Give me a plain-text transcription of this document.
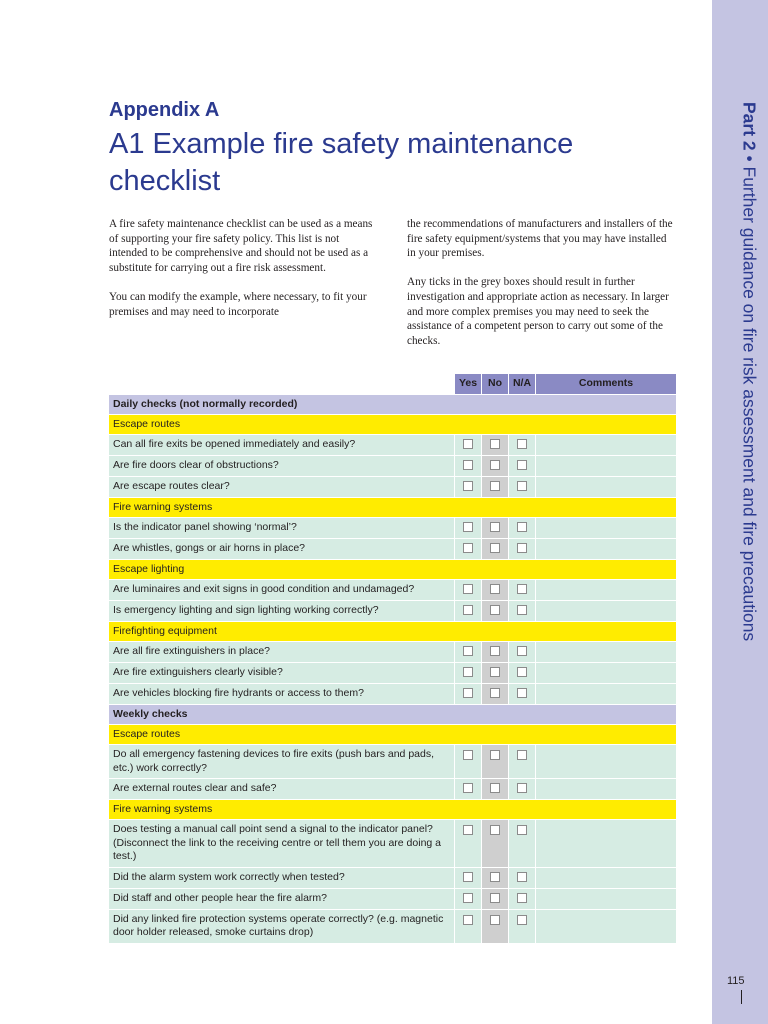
Part 2 • Further guidance on fire risk assessment and fire precautions
115
Appendix A
A1 Example fire safety maintenance checklist

A fire safety maintenance checklist can be used as a means of supporting your fire safety policy. This list is not intended to be comprehensive and should not be used as a substitute for carrying out a fire risk assessment.

You can modify the example, where necessary, to fit your premises and may need to incorporate

the recommendations of manufacturers and installers of the fire safety equipment/systems that you may have installed in your premises.

Any ticks in the grey boxes should result in further investigation and appropriate action as necessary. In larger and more complex premises you may need to seek the assistance of a competent person to carry out some of the checks.

	Yes	No	N/A	Comments
Daily checks (not normally recorded)				
Escape routes				
Can all fire exits be opened immediately and easily?				
Are fire doors clear of obstructions?				
Are escape routes clear?				
Fire warning systems				
Is the indicator panel showing ‘normal’?				
Are whistles, gongs or air horns in place?				
Escape lighting				
Are luminaires and exit signs in good condition and undamaged?				
Is emergency lighting and sign lighting working correctly?				
Firefighting equipment				
Are all fire extinguishers in place?				
Are fire extinguishers clearly visible?				
Are vehicles blocking fire hydrants or access to them?				
Weekly checks				
Escape routes				
Do all emergency fastening devices to fire exits (push bars and pads, etc.) work correctly?				
Are external routes clear and safe?				
Fire warning systems				
Does testing a manual call point send a signal to the indicator panel? (Disconnect the link to the receiving centre or tell them you are doing a test.)				
Did the alarm system work correctly when tested?				
Did staff and other people hear the fire alarm?				
Did any linked fire protection systems operate correctly? (e.g. magnetic door holder released, smoke curtains drop)				
